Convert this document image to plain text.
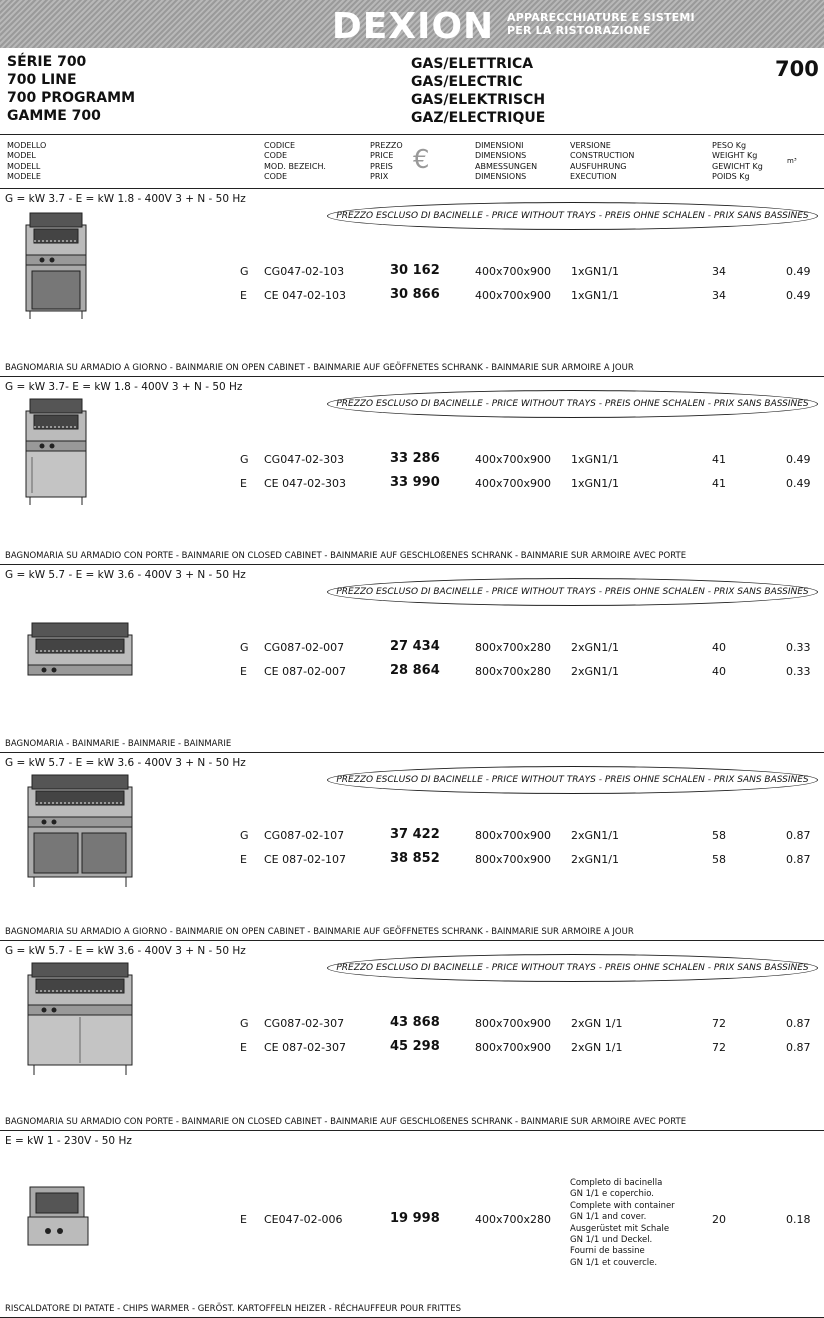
DEXION APPARECCHIATURE E SISTEMI
PER LA RISTORAZIONE
SÉRIE 700
700 LINE
700 PROGRAMM
GAMME 700
GAS/ELETTRICA
GAS/ELECTRIC
GAS/ELEKTRISCH
GAZ/ELECTRIQUE
700
MODELLO
MODEL
MODELL
MODELE
CODICE
CODE
MOD. BEZEICH.
CODE
PREZZO
PRICE
PREIS
PRIX
€	DIMENSIONI
DIMENSIONS
ABMESSUNGEN
DIMENSIONS
VERSIONE
CONSTRUCTION
AUSFUHRUNG
EXECUTION
PESO Kg
WEIGHT Kg
GEWICHT Kg
POIDS Kg
m³
G = kW 3.7 - E = kW 1.8 - 400V 3 + N - 50 Hz
PREZZO ESCLUSO DI BACINELLE - PRICE WITHOUT TRAYS - PREIS OHNE SCHALEN - PRIX SANS BASSINES
G CG047-02-103	30 162	400x700x900 1xGN1/1	34	0.49
E CE 047-02-103	30 866	400x700x900 1xGN1/1	34	0.49
BAGNOMARIA SU ARMADIO A GIORNO - BAINMARIE ON OPEN CABINET - BAINMARIE AUF GEÖFFNETES SCHRANK - BAINMARIE SUR ARMOIRE A JOUR
G = kW 3.7- E = kW 1.8 - 400V 3 + N - 50 Hz
PREZZO ESCLUSO DI BACINELLE - PRICE WITHOUT TRAYS - PREIS OHNE SCHALEN - PRIX SANS BASSINES
G CG047-02-303	33 286	400x700x900 1xGN1/1	41	0.49
E CE 047-02-303	33 990	400x700x900 1xGN1/1	41	0.49
BAGNOMARIA SU ARMADIO CON PORTE - BAINMARIE ON CLOSED CABINET - BAINMARIE AUF GESCHLOßENES SCHRANK - BAINMARIE SUR ARMOIRE AVEC PORTE
G = kW 5.7 - E = kW 3.6 - 400V 3 + N - 50 Hz
PREZZO ESCLUSO DI BACINELLE - PRICE WITHOUT TRAYS - PREIS OHNE SCHALEN - PRIX SANS BASSINES
G CG087-02-007	27 434	800x700x280 2xGN1/1	40	0.33
E CE 087-02-007	28 864	800x700x280 2xGN1/1	40	0.33
BAGNOMARIA - BAINMARIE - BAINMARIE - BAINMARIE
G = kW 5.7 - E = kW 3.6 - 400V 3 + N - 50 Hz
PREZZO ESCLUSO DI BACINELLE - PRICE WITHOUT TRAYS - PREIS OHNE SCHALEN - PRIX SANS BASSINES
G CG087-02-107	37 422	800x700x900 2xGN1/1	58	0.87
E CE 087-02-107	38 852	800x700x900 2xGN1/1	58	0.87
BAGNOMARIA SU ARMADIO A GIORNO - BAINMARIE ON OPEN CABINET - BAINMARIE AUF GEÖFFNETES SCHRANK - BAINMARIE SUR ARMOIRE A JOUR
G = kW 5.7 - E = kW 3.6 - 400V 3 + N - 50 Hz
PREZZO ESCLUSO DI BACINELLE - PRICE WITHOUT TRAYS - PREIS OHNE SCHALEN - PRIX SANS BASSINES
G CG087-02-307	43 868	800x700x900 2xGN 1/1	72	0.87
E CE 087-02-307	45 298	800x700x900 2xGN 1/1	72	0.87
BAGNOMARIA SU ARMADIO CON PORTE - BAINMARIE ON CLOSED CABINET - BAINMARIE AUF GESCHLOßENES SCHRANK - BAINMARIE SUR ARMOIRE AVEC PORTE
E = kW 1 - 230V - 50 Hz
E CE047-02-006	19 998	400x700x280	20	0.18
Completo di bacinella
GN 1/1 e coperchio.
Complete with container
GN 1/1 and cover.
Ausgerüstet mit Schale
GN 1/1 und Deckel.
Fourni de bassine
GN 1/1 et couvercle.
RISCALDATORE DI PATATE - CHIPS WARMER - GERÖST. KARTOFFELN HEIZER - RÉCHAUFFEUR POUR FRITTES
